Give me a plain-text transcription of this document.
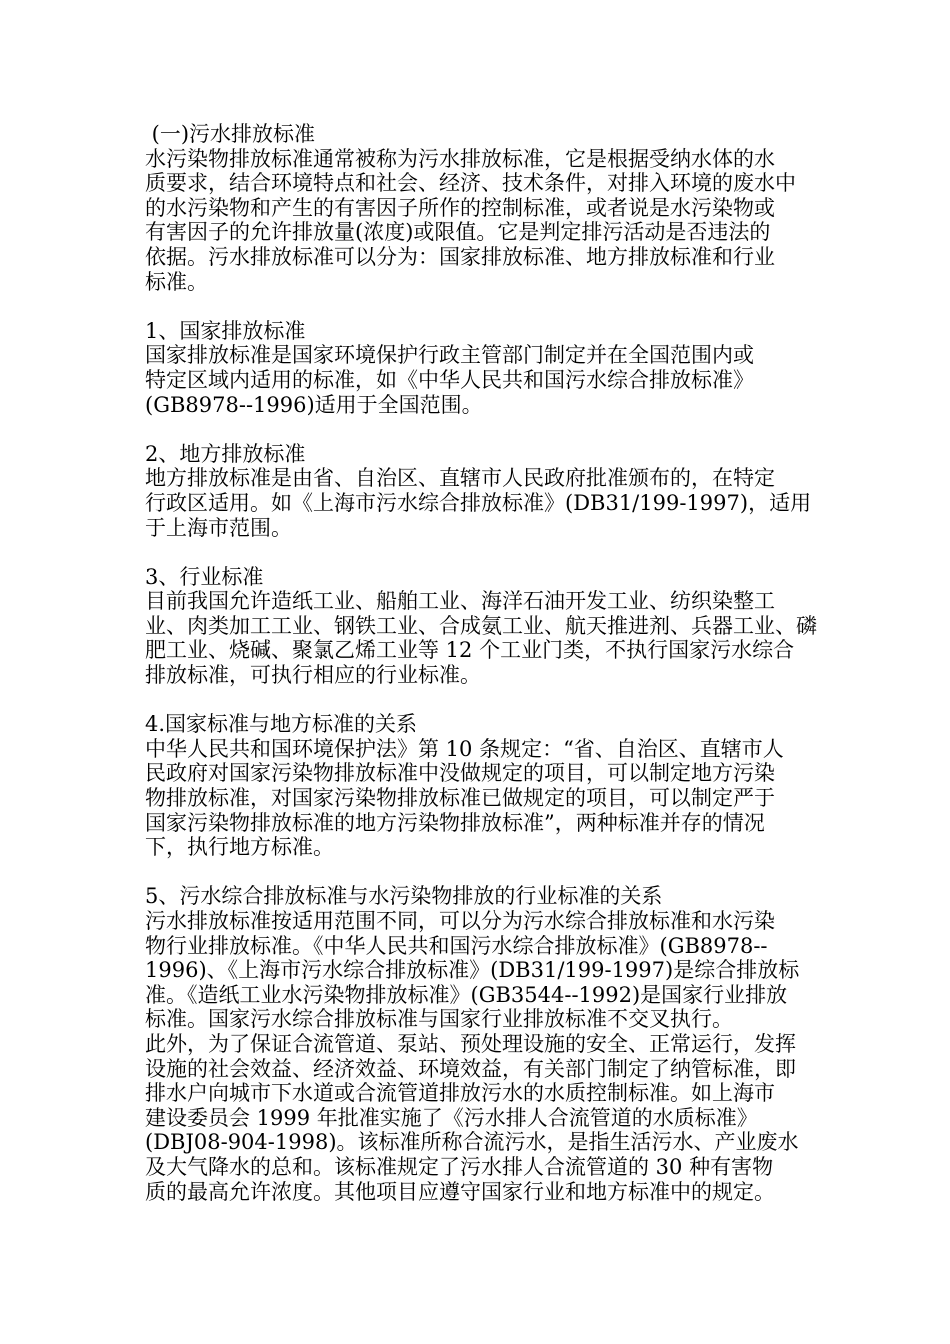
(一)污水排放标准
水污染物排放标准通常被称为污水排放标准，它是根据受纳水体的水
质要求，结合环境特点和社会、经济、技术条件，对排入环境的废水中
的水污染物和产生的有害因子所作的控制标准，或者说是水污染物或
有害因子的允许排放量(浓度)或限值。它是判定排污活动是否违法的
依据。污水排放标准可以分为：国家排放标准、地方排放标准和行业
标准。
1、国家排放标准
国家排放标准是国家环境保护行政主管部门制定并在全国范围内或
特定区域内适用的标准，如《中华人民共和国污水综合排放标准》
(GB8978--1996)适用于全国范围。
2、地方排放标准
地方排放标准是由省、自治区、直辖市人民政府批准颁布的，在特定
行政区适用。如《上海市污水综合排放标准》(DB31/199-1997)，适用
于上海市范围。
3、行业标准
目前我国允许造纸工业、船舶工业、海洋石油开发工业、纺织染整工
业、肉类加工工业、钢铁工业、合成氨工业、航天推进剂、兵器工业、磷
肥工业、烧碱、聚氯乙烯工业等 12 个工业门类，不执行国家污水综合
排放标准，可执行相应的行业标准。
4.国家标准与地方标准的关系
中华人民共和国环境保护法》第 10 条规定：“省、自治区、直辖市人
民政府对国家污染物排放标准中没做规定的项目，可以制定地方污染
物排放标准，对国家污染物排放标准已做规定的项目，可以制定严于
国家污染物排放标准的地方污染物排放标准”，两种标准并存的情况
下，执行地方标准。
5、污水综合排放标准与水污染物排放的行业标准的关系
污水排放标准按适用范围不同，可以分为污水综合排放标准和水污染
物行业排放标准。《中华人民共和国污水综合排放标准》(GB8978--
1996)、《上海市污水综合排放标准》(DB31/199-1997)是综合排放标
准。《造纸工业水污染物排放标准》(GB3544--1992)是国家行业排放
标准。国家污水综合排放标准与国家行业排放标准不交叉执行。
此外，为了保证合流管道、泵站、预处理设施的安全、正常运行，发挥
设施的社会效益、经济效益、环境效益，有关部门制定了纳管标准，即
排水户向城市下水道或合流管道排放污水的水质控制标准。如上海市
建设委员会 1999 年批准实施了《污水排人合流管道的水质标准》
(DBJ08-904-1998)。该标准所称合流污水，是指生活污水、产业废水
及大气降水的总和。该标准规定了污水排人合流管道的 30 种有害物
质的最高允许浓度。其他项目应遵守国家行业和地方标准中的规定。
